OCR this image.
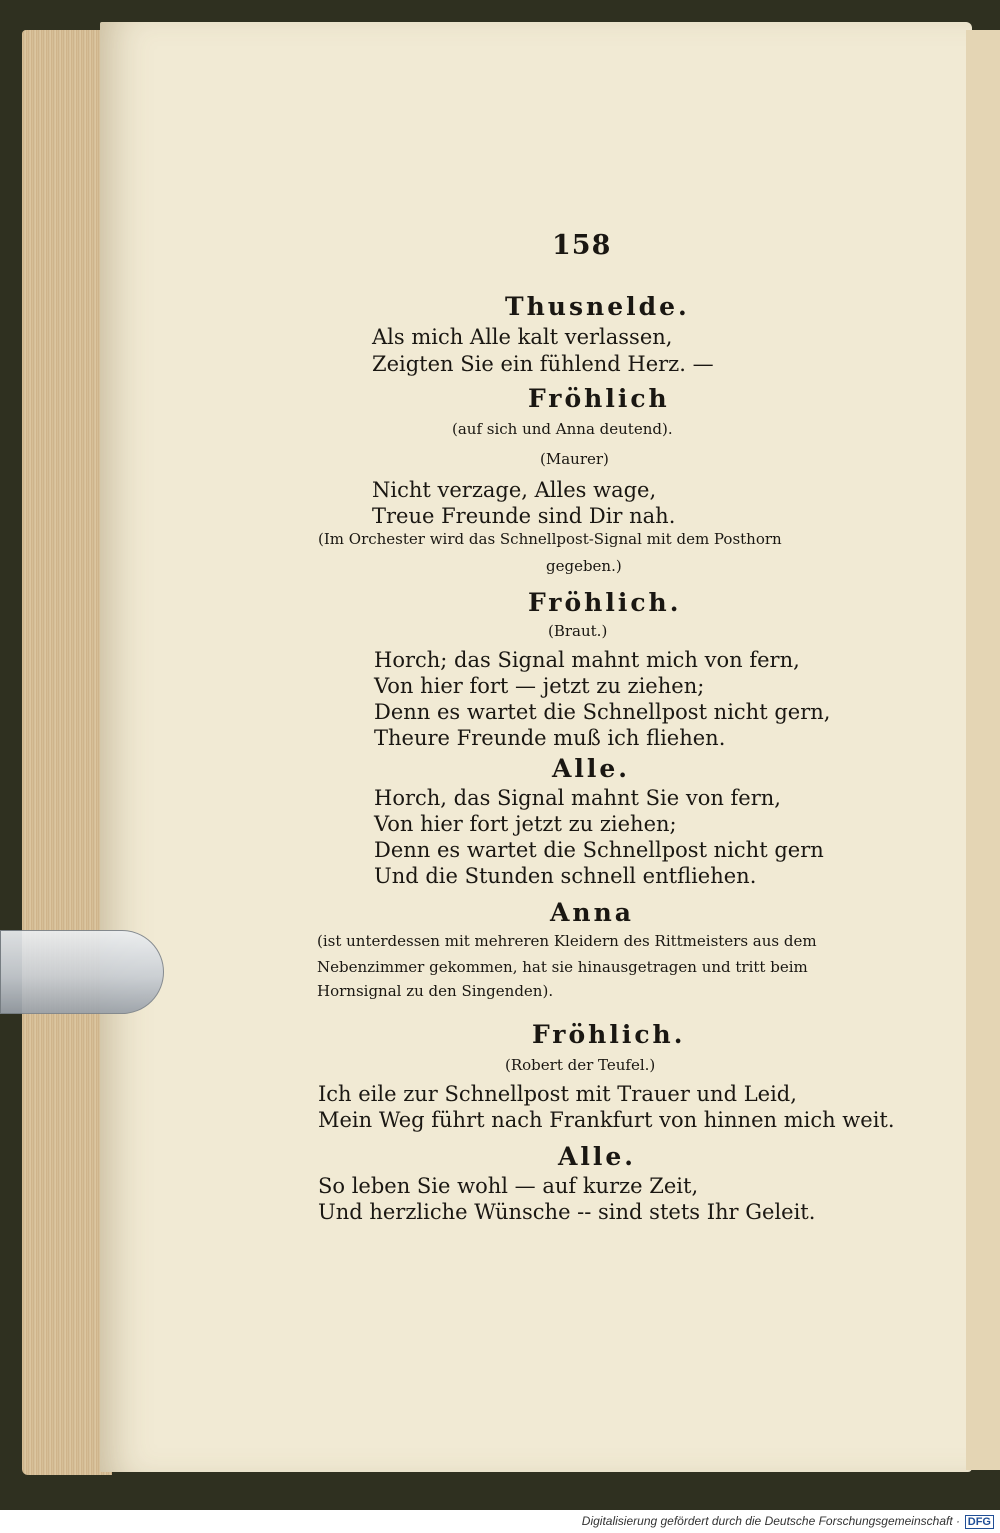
158
Thusnelde.
Als mich Alle kalt verlassen,
Zeigten Sie ein fühlend Herz. —
Fröhlich
(auf sich und Anna deutend).
(Maurer)
Nicht verzage, Alles wage,
Treue Freunde sind Dir nah.
(Im Orchester wird das Schnellpost-Signal mit dem Posthorn
gegeben.)
Fröhlich.
(Braut.)
Horch; das Signal mahnt mich von fern,
Von hier fort — jetzt zu ziehen;
Denn es wartet die Schnellpost nicht gern,
Theure Freunde muß ich fliehen.
Alle.
Horch, das Signal mahnt Sie von fern,
Von hier fort jetzt zu ziehen;
Denn es wartet die Schnellpost nicht gern
Und die Stunden schnell entfliehen.
Anna
(ist unterdessen mit mehreren Kleidern des Rittmeisters aus dem
Nebenzimmer gekommen, hat sie hinausgetragen und tritt beim
Hornsignal zu den Singenden).
Fröhlich.
(Robert der Teufel.)
Ich eile zur Schnellpost mit Trauer und Leid,
Mein Weg führt nach Frankfurt von hinnen mich weit.
Alle.
So leben Sie wohl — auf kurze Zeit,
Und herzliche Wünsche -- sind stets Ihr Geleit.
Digitalisierung gefördert durch die Deutsche Forschungsgemeinschaft · DFG
